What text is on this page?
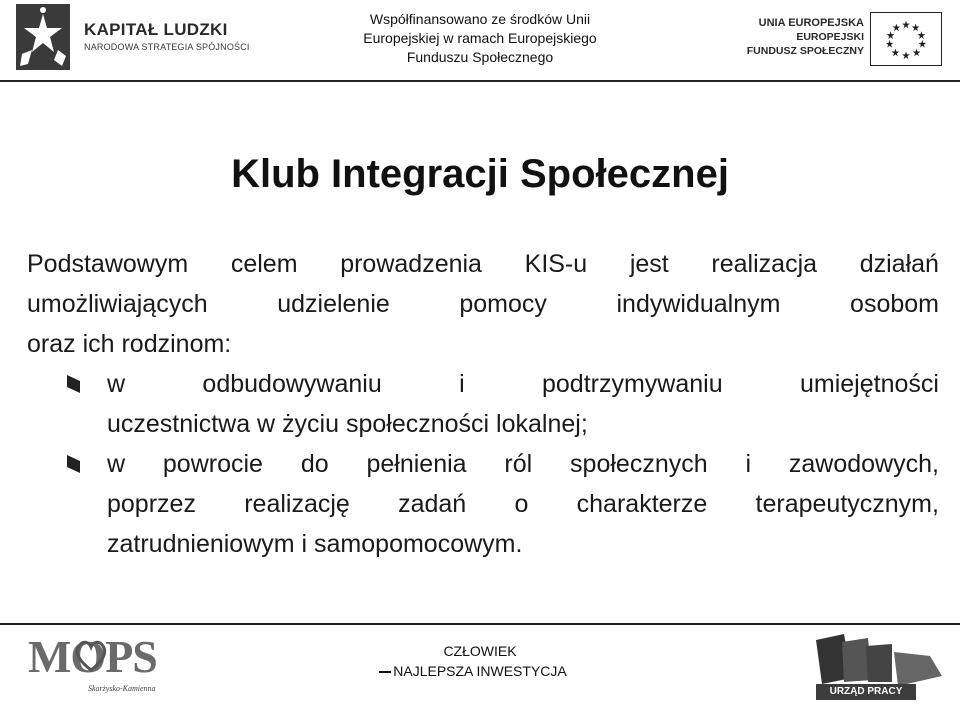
KAPITAŁ LUDZKI
NARODOWA STRATEGIA SPÓJNOŚCI
Współfinansowano ze środków Unii
Europejskiej w ramach Europejskiego
Funduszu Społecznego
UNIA EUROPEJSKA
EUROPEJSKI
FUNDUSZ SPOŁECZNY
Klub Integracji Społecznej
Podstawowym celem prowadzenia KIS-u jest realizacja działań
umożliwiających	udzielenie	pomocy	indywidualnym	osobom
oraz ich rodzinom:
w	odbudowywaniu	i	podtrzymywaniu	umiejętności
uczestnictwa w życiu społeczności lokalnej;
w powrocie do pełnienia ról społecznych i zawodowych,
poprzez realizację zadań o charakterze terapeutycznym,
zatrudnieniowym i samopomocowym.
MOPS
Skarżysko-Kamienna
CZŁOWIEK
NAJLEPSZA INWESTYCJA
URZĄD PRACY
